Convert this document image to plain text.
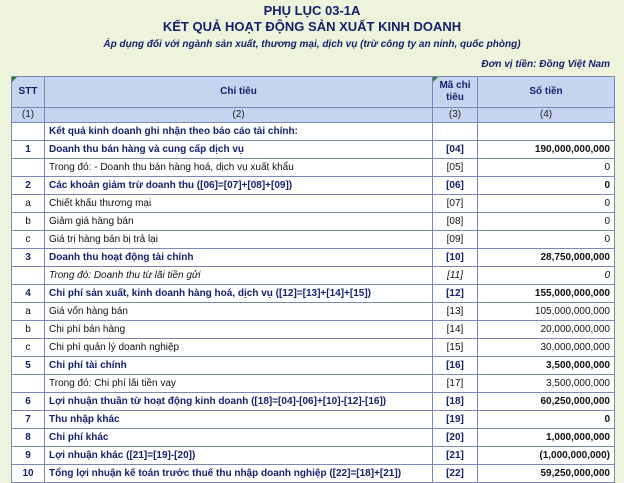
PHỤ LỤC 03-1A
KẾT QUẢ HOẠT ĐỘNG SẢN XUẤT KINH DOANH
Áp dụng đối với ngành sản xuất, thương mại, dịch vụ (trừ công ty an ninh, quốc phòng)
Đơn vị tiền: Đồng Việt Nam
STT	Chỉ tiêu	Mã chỉ tiêu	Số tiền
(1)	(2)	(3)	(4)
	Kết quả kinh doanh ghi nhận theo báo cáo tài chính:		
1	Doanh thu bán hàng và cung cấp dịch vụ	[04]	190,000,000,000
	Trong đó: - Doanh thu bán hàng hoá, dịch vụ xuất khẩu	[05]	0
2	Các khoản giảm trừ doanh thu ([06]=[07]+[08]+[09])	[06]	0
a	Chiết khấu thương mại	[07]	0
b	Giảm giá hàng bán	[08]	0
c	Giá trị hàng bán bị trả lại	[09]	0
3	Doanh thu hoạt động tài chính	[10]	28,750,000,000
	Trong đó: Doanh thu từ lãi tiền gửi	[11]	0
4	Chi phí sản xuất, kinh doanh hàng hoá, dịch vụ ([12]=[13]+[14]+[15])	[12]	155,000,000,000
a	Giá vốn hàng bán	[13]	105,000,000,000
b	Chi phí bán hàng	[14]	20,000,000,000
c	Chi phí quản lý doanh nghiệp	[15]	30,000,000,000
5	Chi phí tài chính	[16]	3,500,000,000
	Trong đó: Chi phí lãi tiền vay	[17]	3,500,000,000
6	Lợi nhuận thuần từ hoạt động kinh doanh ([18]=[04]-[06]+[10]-[12]-[16])	[18]	60,250,000,000
7	Thu nhập khác	[19]	0
8	Chi phí khác	[20]	1,000,000,000
9	Lợi nhuận khác ([21]=[19]-[20])	[21]	(1,000,000,000)
10	Tổng lợi nhuận kế toán trước thuế thu nhập doanh nghiệp ([22]=[18]+[21])	[22]	59,250,000,000
